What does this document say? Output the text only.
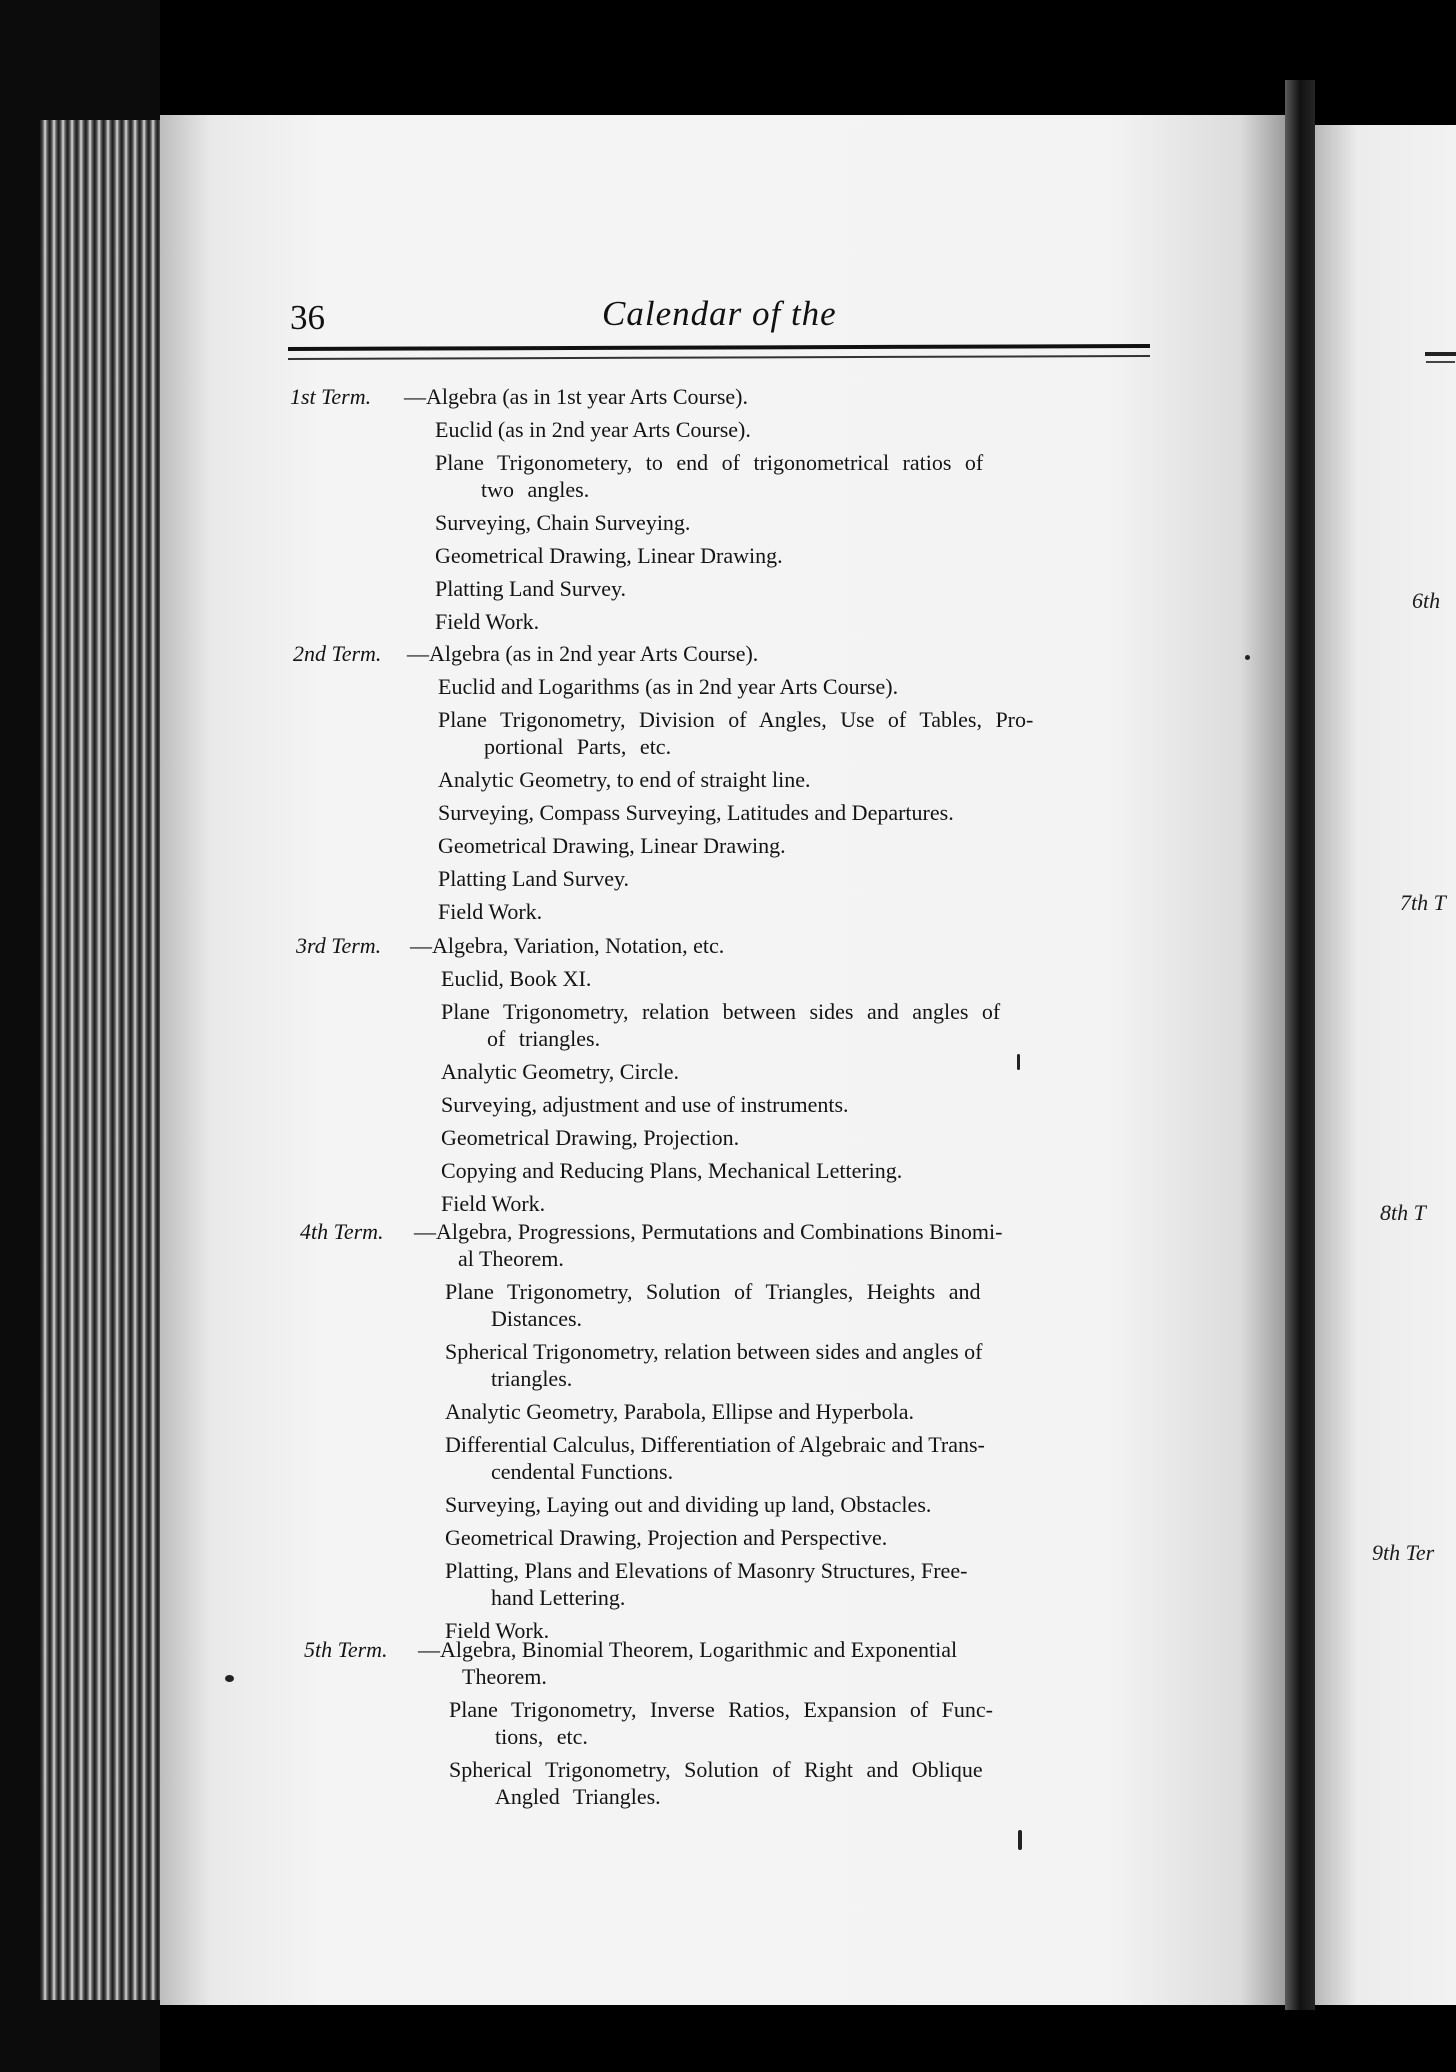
6th
7th T
8th T
9th Ter
36	Calendar of the
1st Term.	—Algebra (as in 1st year Arts Course).
Euclid (as in 2nd year Arts Course).
Plane Trigonometery, to end of trigonometrical ratios of
two angles.
Surveying, Chain Surveying.
Geometrical Drawing, Linear Drawing.
Platting Land Survey.
Field Work.
2nd Term.	—Algebra (as in 2nd year Arts Course).
Euclid and Logarithms (as in 2nd year Arts Course).
Plane Trigonometry, Division of Angles, Use of Tables, Pro-
portional Parts, etc.
Analytic Geometry, to end of straight line.
Surveying, Compass Surveying, Latitudes and Departures.
Geometrical Drawing, Linear Drawing.
Platting Land Survey.
Field Work.
3rd Term.	—Algebra, Variation, Notation, etc.
Euclid, Book XI.
Plane Trigonometry, relation between sides and angles of
of triangles.
Analytic Geometry, Circle.
Surveying, adjustment and use of instruments.
Geometrical Drawing, Projection.
Copying and Reducing Plans, Mechanical Lettering.
Field Work.
4th Term.	—Algebra, Progressions, Permutations and Combinations Binomi-
al Theorem.
Plane Trigonometry, Solution of Triangles, Heights and
Distances.
Spherical Trigonometry, relation between sides and angles of
triangles.
Analytic Geometry, Parabola, Ellipse and Hyperbola.
Differential Calculus, Differentiation of Algebraic and Trans-
cendental Functions.
Surveying, Laying out and dividing up land, Obstacles.
Geometrical Drawing, Projection and Perspective.
Platting, Plans and Elevations of Masonry Structures, Free-
hand Lettering.
Field Work.
5th Term.	—Algebra, Binomial Theorem, Logarithmic and Exponential
Theorem.
Plane Trigonometry, Inverse Ratios, Expansion of Func-
tions, etc.
Spherical Trigonometry, Solution of Right and Oblique
Angled Triangles.
